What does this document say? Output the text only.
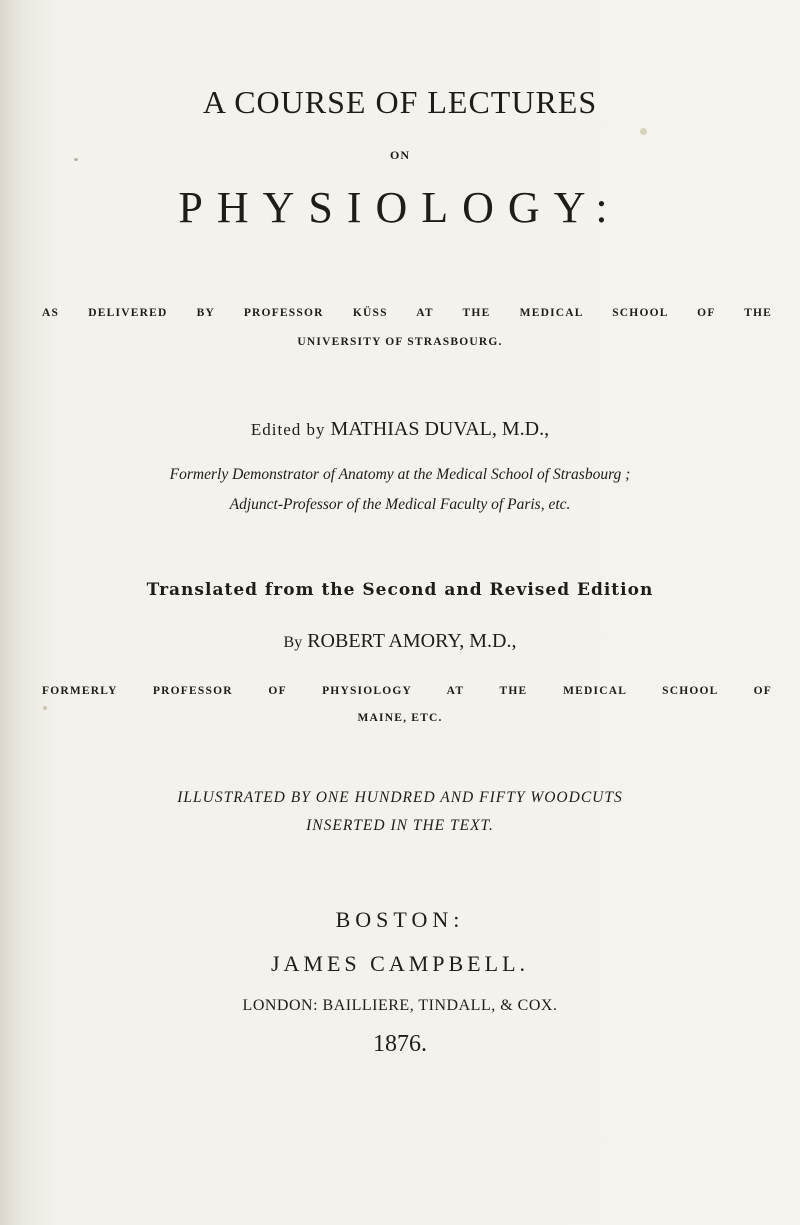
A COURSE OF LECTURES
ON
PHYSIOLOGY:
AS DELIVERED BY PROFESSOR KÜSS AT THE MEDICAL SCHOOL OF THE
UNIVERSITY OF STRASBOURG.
Edited by MATHIAS DUVAL, M.D.,
Formerly Demonstrator of Anatomy at the Medical School of Strasbourg ;
Adjunct-Professor of the Medical Faculty of Paris, etc.
Translated from the Second and Revised Edition
By ROBERT AMORY, M.D.,
FORMERLY PROFESSOR OF PHYSIOLOGY AT THE MEDICAL SCHOOL OF
MAINE, ETC.
ILLUSTRATED BY ONE HUNDRED AND FIFTY WOODCUTS
INSERTED IN THE TEXT.
BOSTON:
JAMES CAMPBELL.
LONDON: BAILLIERE, TINDALL, & COX.
1876.
